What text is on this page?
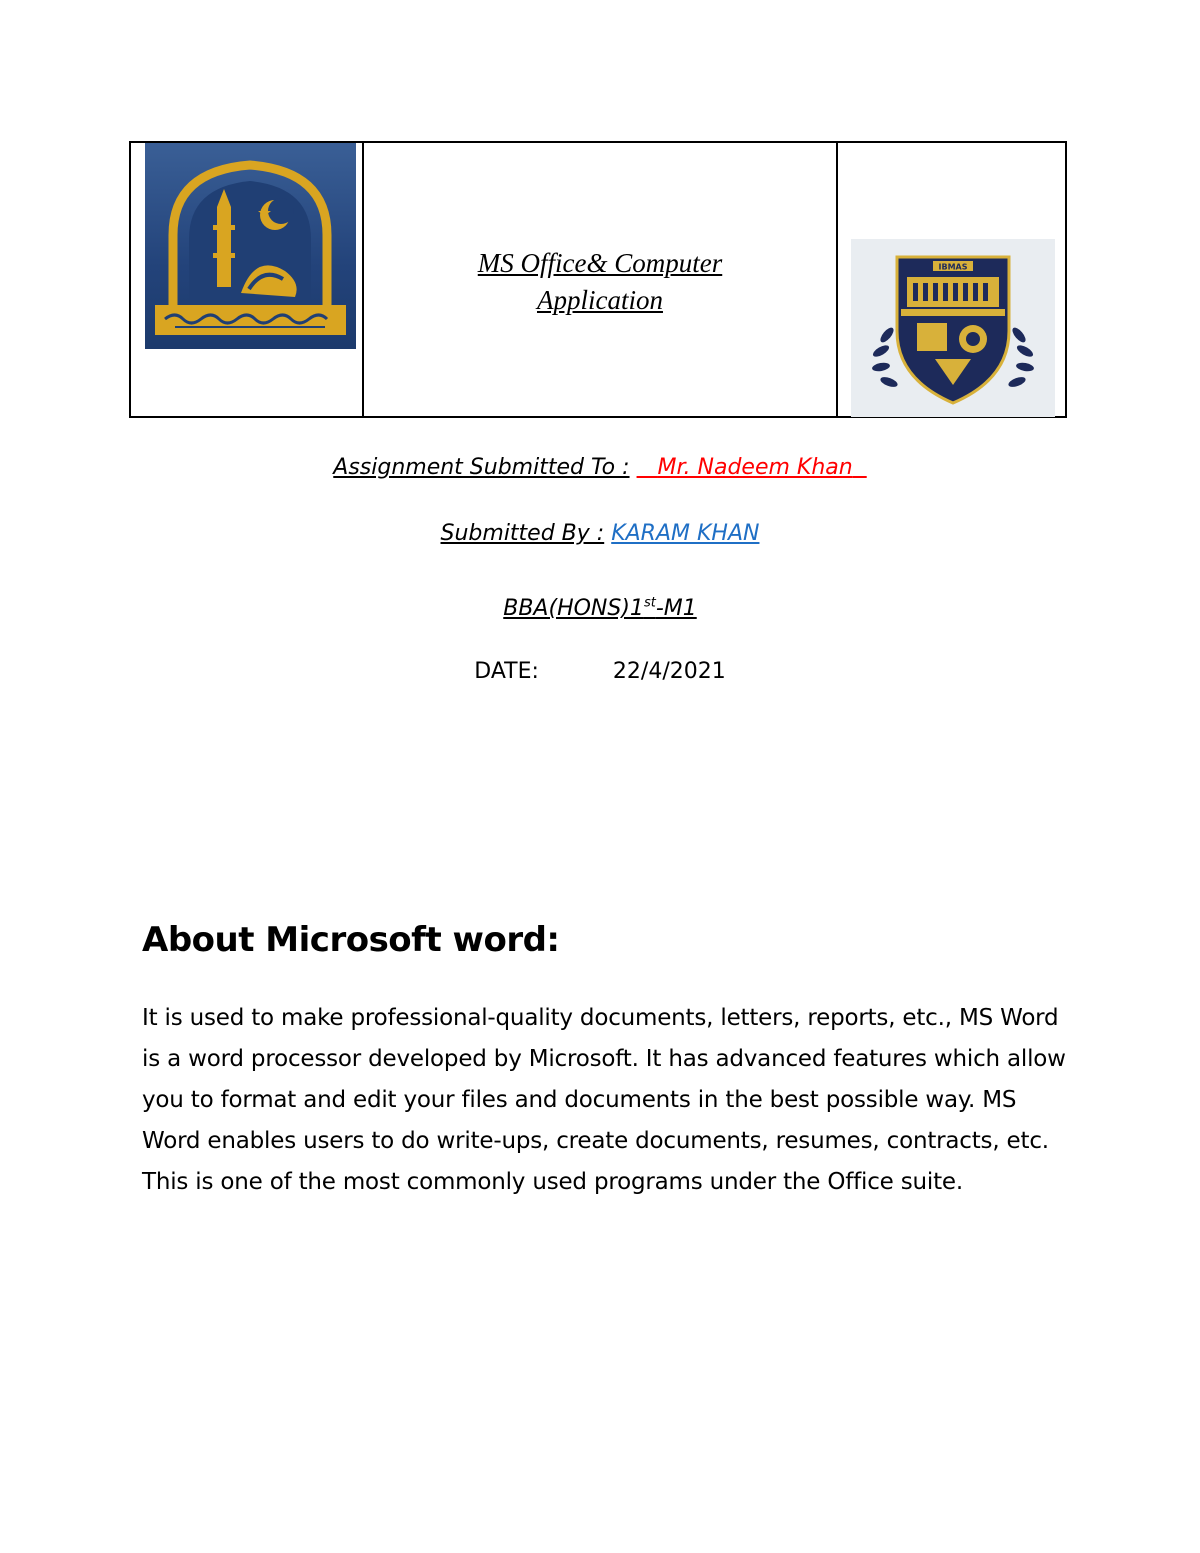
MS Office& Computer
Application
IBMAS
Assignment Submitted To : Mr. Nadeem Khan
Submitted By : KARAM KHAN
BBA(HONS)1st-M1
DATE:	22/4/2021
About Microsoft word:
It is used to make professional-quality documents, letters, reports, etc., MS Word is a word processor developed by Microsoft. It has advanced features which allow you to format and edit your files and documents in the best possible way. MS Word enables users to do write-ups, create documents, resumes, contracts, etc. This is one of the most commonly used programs under the Office suite.
